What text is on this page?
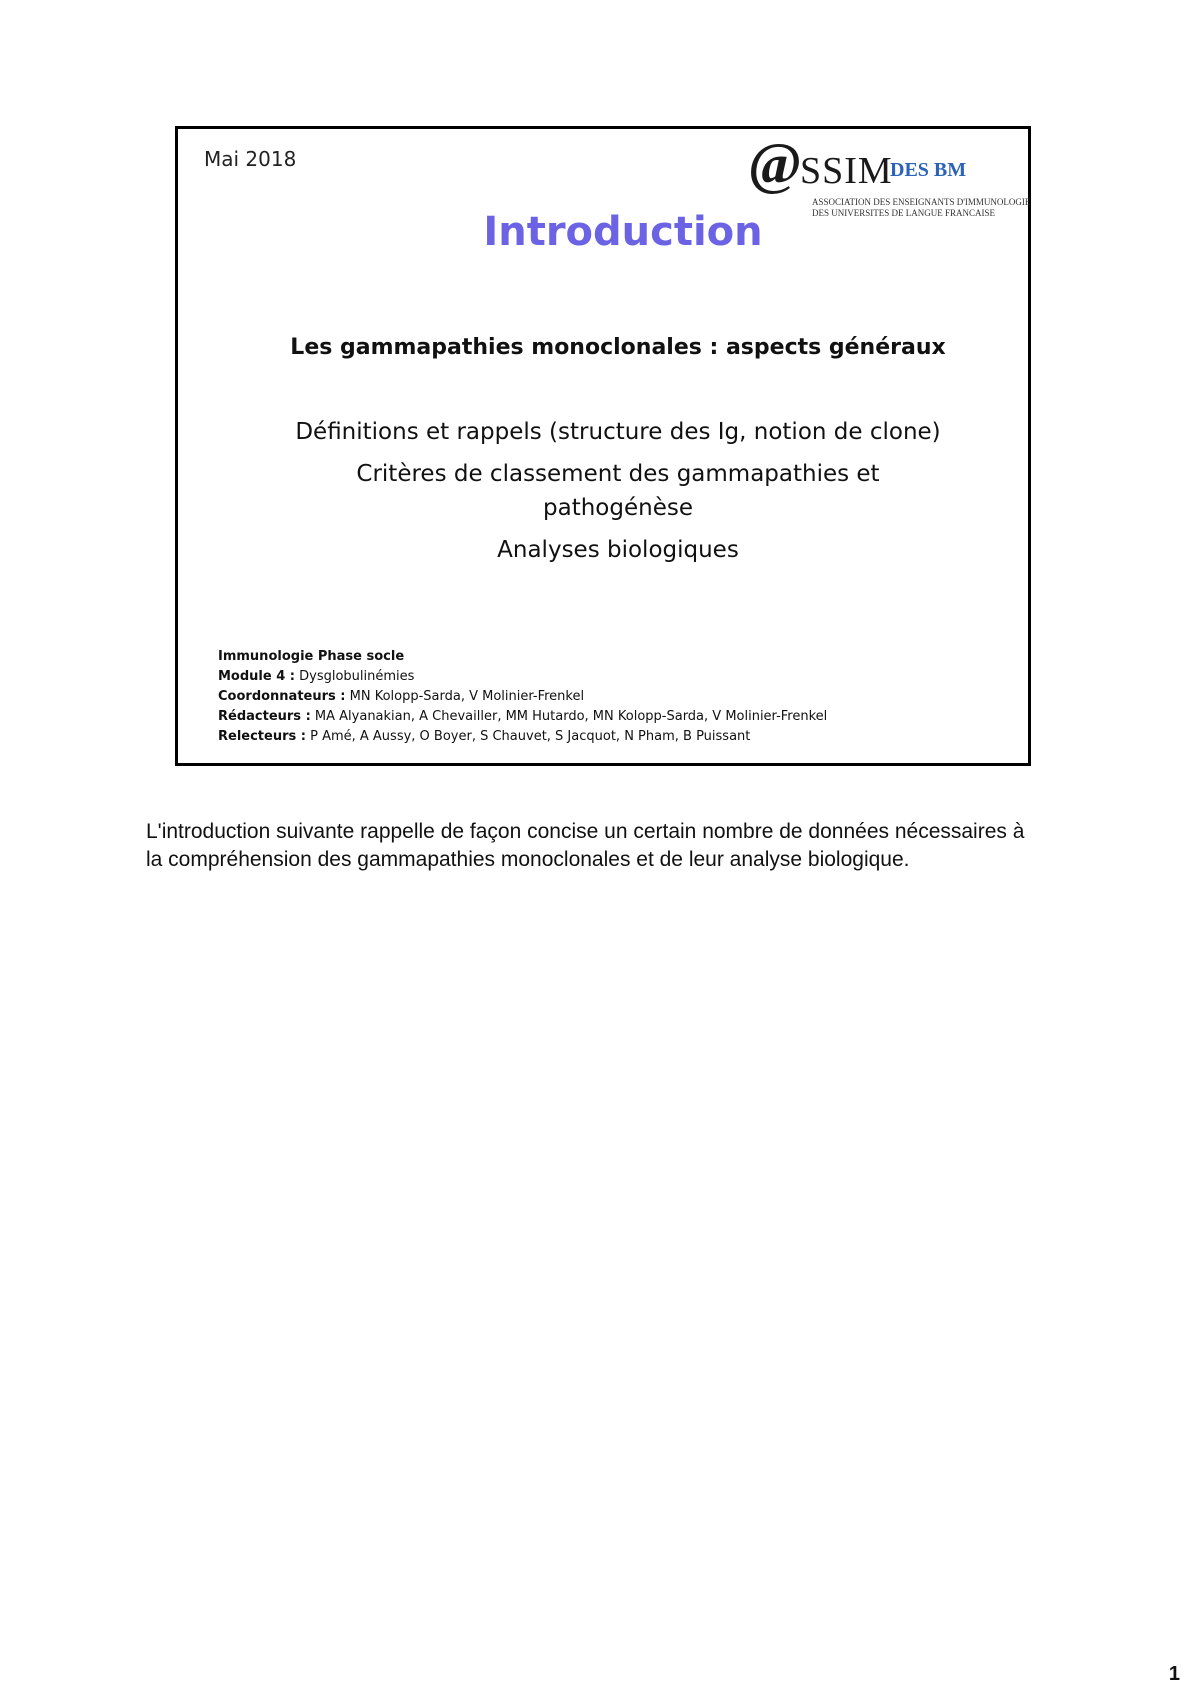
Mai 2018	@
SSIM
DES BM
ASSOCIATION DES ENSEIGNANTS D'IMMUNOLOGIE
DES UNIVERSITES DE LANGUE FRANCAISE
Introduction
Les gammapathies monoclonales : aspects généraux
Définitions et rappels (structure des Ig, notion de clone)
Critères de classement des gammapathies et pathogénèse
Analyses biologiques
Immunologie Phase socle
Module 4 : Dysglobulinémies
Coordonnateurs : MN Kolopp-Sarda, V Molinier-Frenkel
Rédacteurs : MA Alyanakian, A Chevailler, MM Hutardo, MN Kolopp-Sarda, V Molinier-Frenkel
Relecteurs : P Amé, A Aussy, O Boyer, S Chauvet, S Jacquot, N Pham, B Puissant
L'introduction suivante rappelle de façon concise un certain nombre de données nécessaires à la compréhension des gammapathies monoclonales et de leur analyse biologique.
1
